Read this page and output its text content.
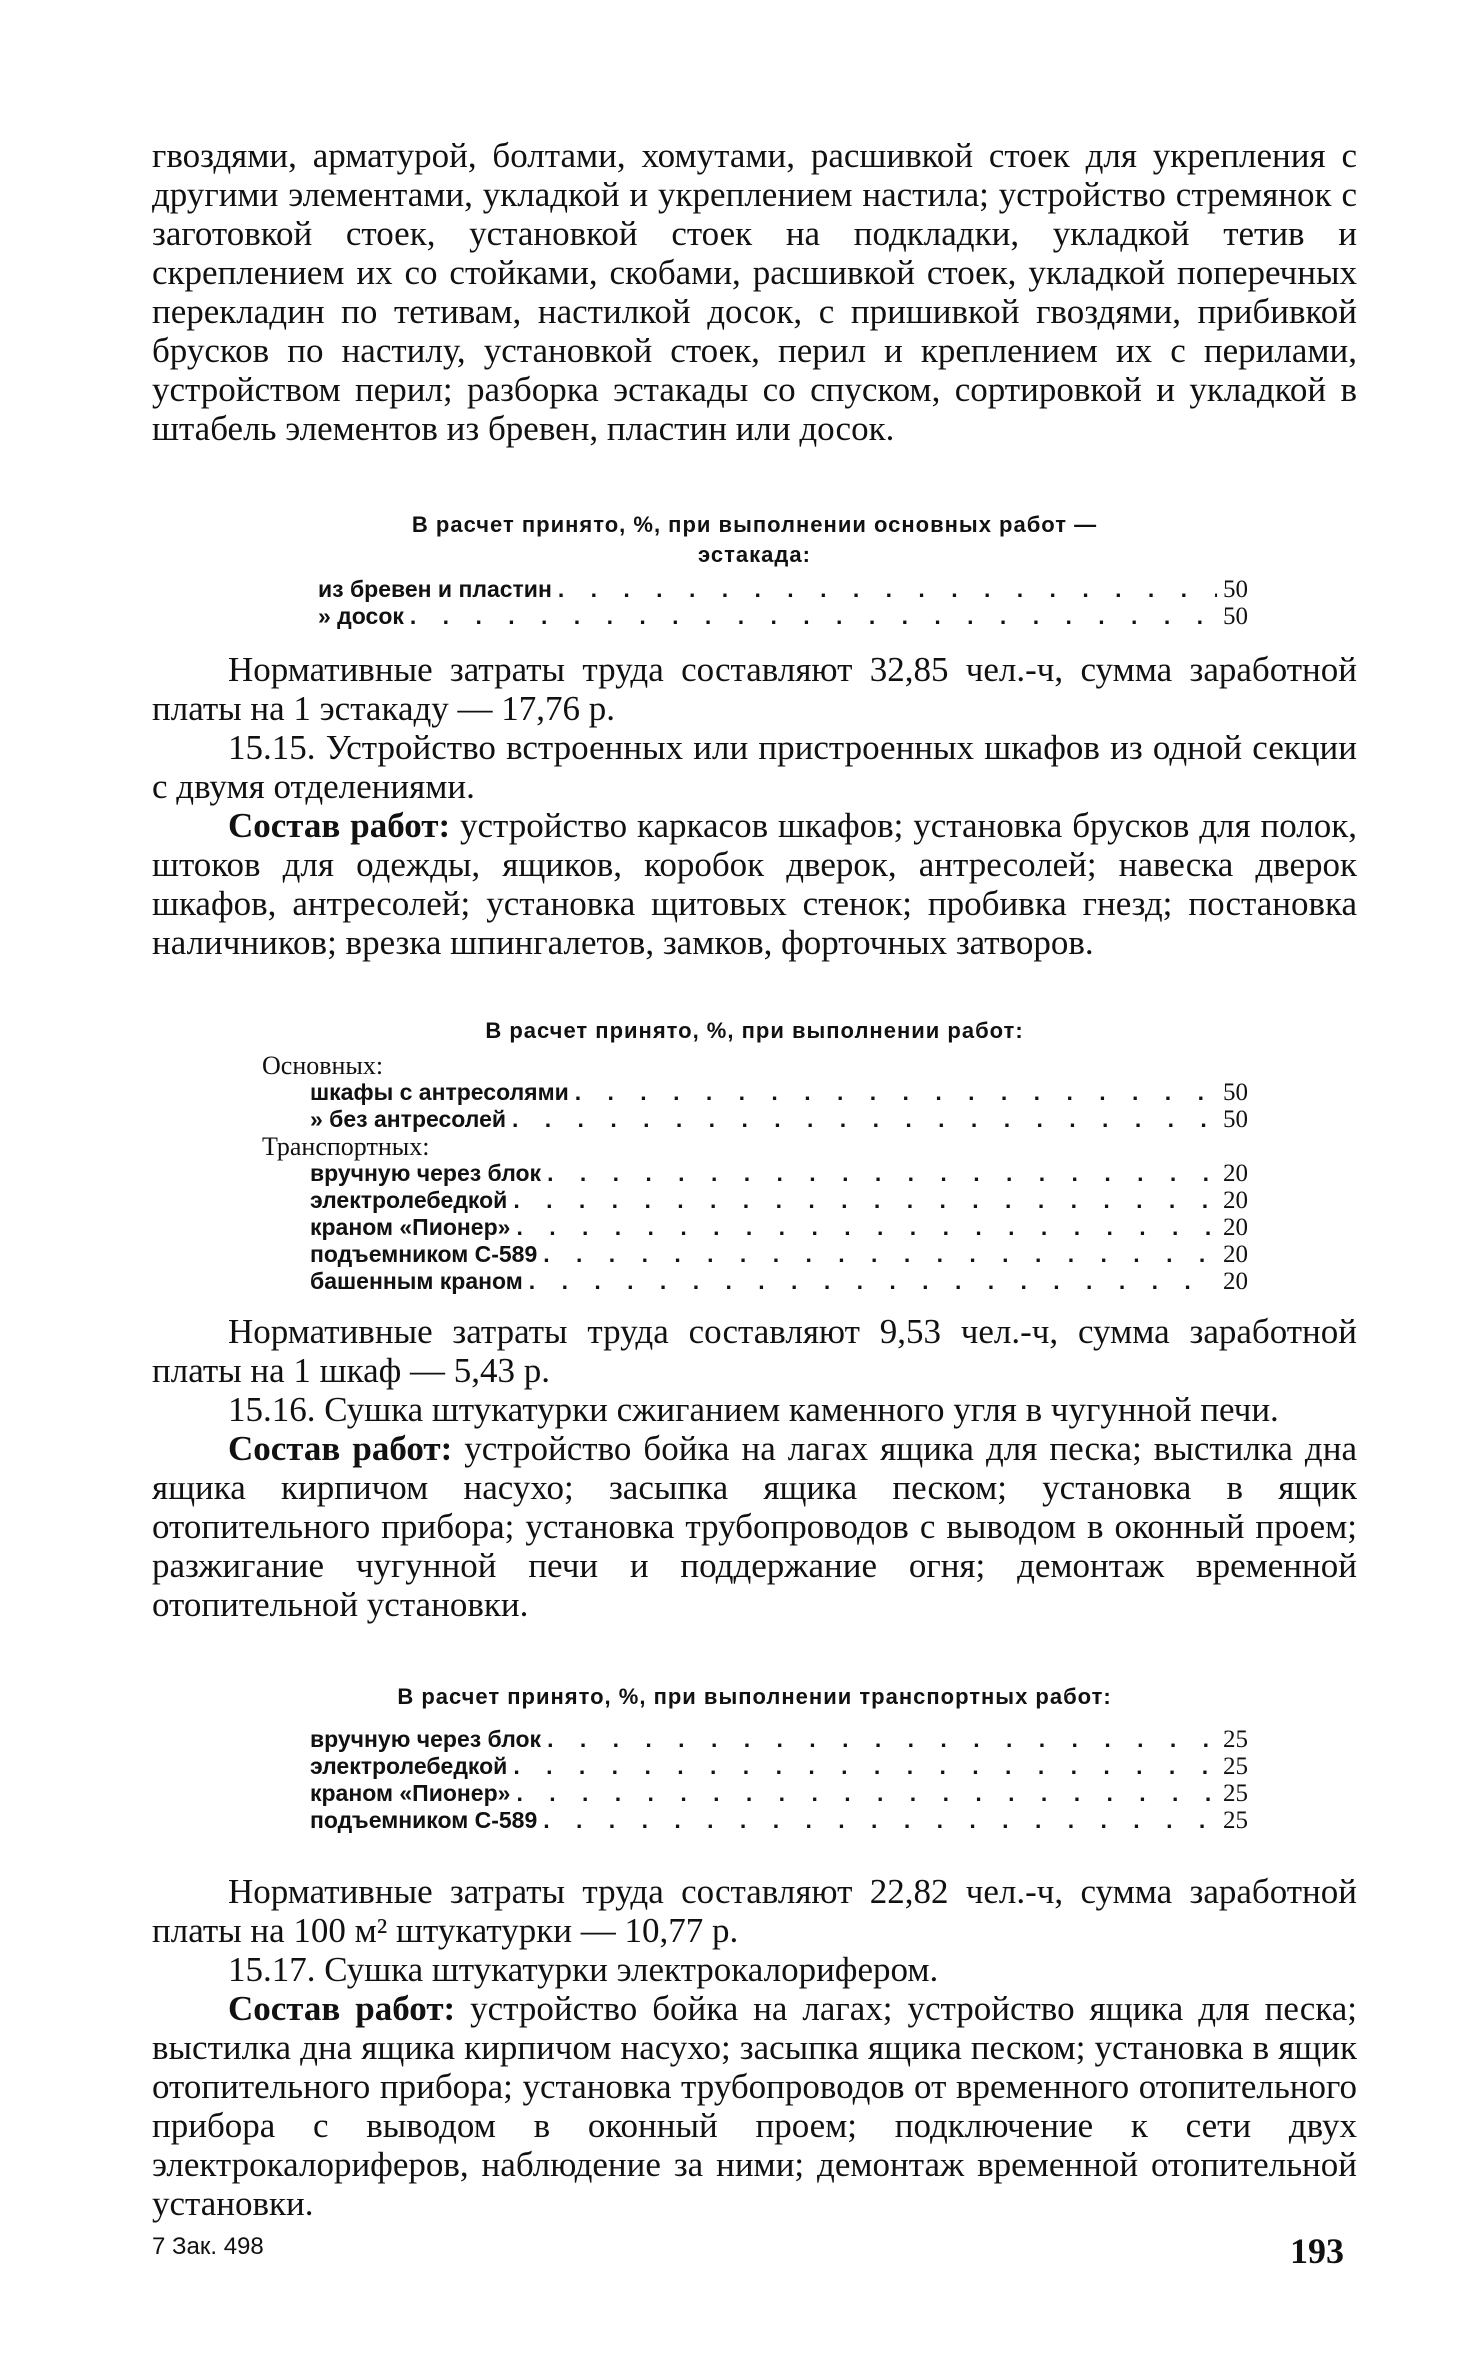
гвоздями, арматурой, болтами, хомутами, расшивкой стоек для укрепления с другими элементами, укладкой и укреплением настила; устройство стремянок с заготовкой стоек, установкой стоек на подкладки, укладкой тетив и скреплением их со стойками, скобами, расшивкой стоек, укладкой поперечных перекладин по тетивам, настилкой досок, с пришивкой гвоздями, прибивкой брусков по настилу, установкой стоек, перил и креплением их с перилами, устройством перил; разборка эстакады со спуском, сортировкой и укладкой в штабель элементов из бревен, пластин или досок.

В расчет принято, %, при выполнении основных работ —
эстакада:
из бревен и пластин . . .	50
» досок . . .	50

Нормативные затраты труда составляют 32,85 чел.-ч, сумма заработной платы на 1 эстакаду — 17,76 р.

15.15. Устройство встроенных или пристроенных шкафов из одной секции с двумя отделениями.

Состав работ: устройство каркасов шкафов; установка брусков для полок, штоков для одежды, ящиков, коробок дверок, антресолей; навеска дверок шкафов, антресолей; установка щитовых стенок; пробивка гнезд; постановка наличников; врезка шпингалетов, замков, форточных затворов.

В расчет принято, %, при выполнении работ:
Основных:
шкафы с антресолями . . .	50
» без антресолей . . .	50
Транспортных:
вручную через блок . . .	20
электролебедкой . . .	20
краном «Пионер» . . .	20
подъемником С-589 . . .	20
башенным краном . . .	20

Нормативные затраты труда составляют 9,53 чел.-ч, сумма заработной платы на 1 шкаф — 5,43 р.

15.16. Сушка штукатурки сжиганием каменного угля в чугунной печи.

Состав работ: устройство бойка на лагах ящика для песка; выстилка дна ящика кирпичом насухо; засыпка ящика песком; установка в ящик отопительного прибора; установка трубопроводов с выводом в оконный проем; разжигание чугунной печи и поддержание огня; демонтаж временной отопительной установки.

В расчет принято, %, при выполнении транспортных работ:
вручную через блок . . .	25
электролебедкой . . .	25
краном «Пионер» . . .	25
подъемником С-589 . . .	25

Нормативные затраты труда составляют 22,82 чел.-ч, сумма заработной платы на 100 м² штукатурки — 10,77 р.

15.17. Сушка штукатурки электрокалорифером.

Состав работ: устройство бойка на лагах; устройство ящика для песка; выстилка дна ящика кирпичом насухо; засыпка ящика песком; установка в ящик отопительного прибора; установка трубопроводов от временного отопительного прибора с выводом в оконный проем; подключение к сети двух электрокалориферов, наблюдение за ними; демонтаж временной отопительной установки.

7 Зак. 498	193
